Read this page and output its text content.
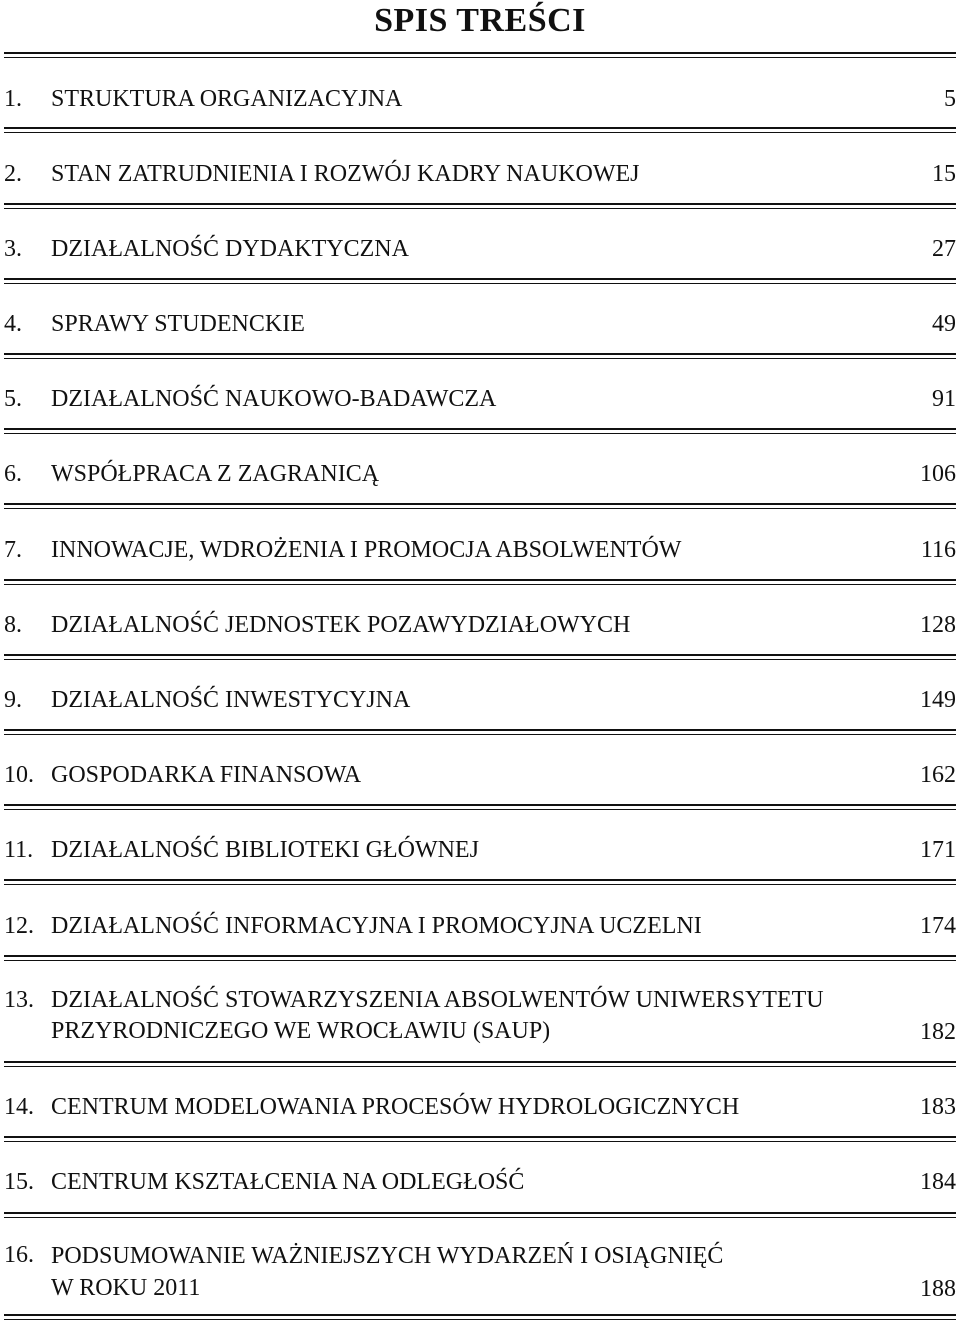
SPIS TREŚCI
1. STRUKTURA ORGANIZACYJNA	5
2. STAN ZATRUDNIENIA I ROZWÓJ KADRY NAUKOWEJ	15
3. DZIAŁALNOŚĆ DYDAKTYCZNA	27
4. SPRAWY STUDENCKIE	49
5. DZIAŁALNOŚĆ NAUKOWO-BADAWCZA	91
6. WSPÓŁPRACA Z ZAGRANICĄ	106
7. INNOWACJE, WDROŻENIA I PROMOCJA ABSOLWENTÓW	116
8. DZIAŁALNOŚĆ JEDNOSTEK POZAWYDZIAŁOWYCH	128
9. DZIAŁALNOŚĆ INWESTYCYJNA	149
10. GOSPODARKA FINANSOWA	162
11. DZIAŁALNOŚĆ BIBLIOTEKI GŁÓWNEJ	171
12. DZIAŁALNOŚĆ INFORMACYJNA I PROMOCYJNA UCZELNI	174
13. DZIAŁALNOŚĆ STOWARZYSZENIA ABSOLWENTÓW UNIWERSYTETU
PRZYRODNICZEGO WE WROCŁAWIU (SAUP)	182
14. CENTRUM MODELOWANIA PROCESÓW HYDROLOGICZNYCH	183
15. CENTRUM KSZTAŁCENIA NA ODLEGŁOŚĆ	184
16. PODSUMOWANIE WAŻNIEJSZYCH WYDARZEŃ I OSIĄGNIĘĆ
W ROKU 2011	188
